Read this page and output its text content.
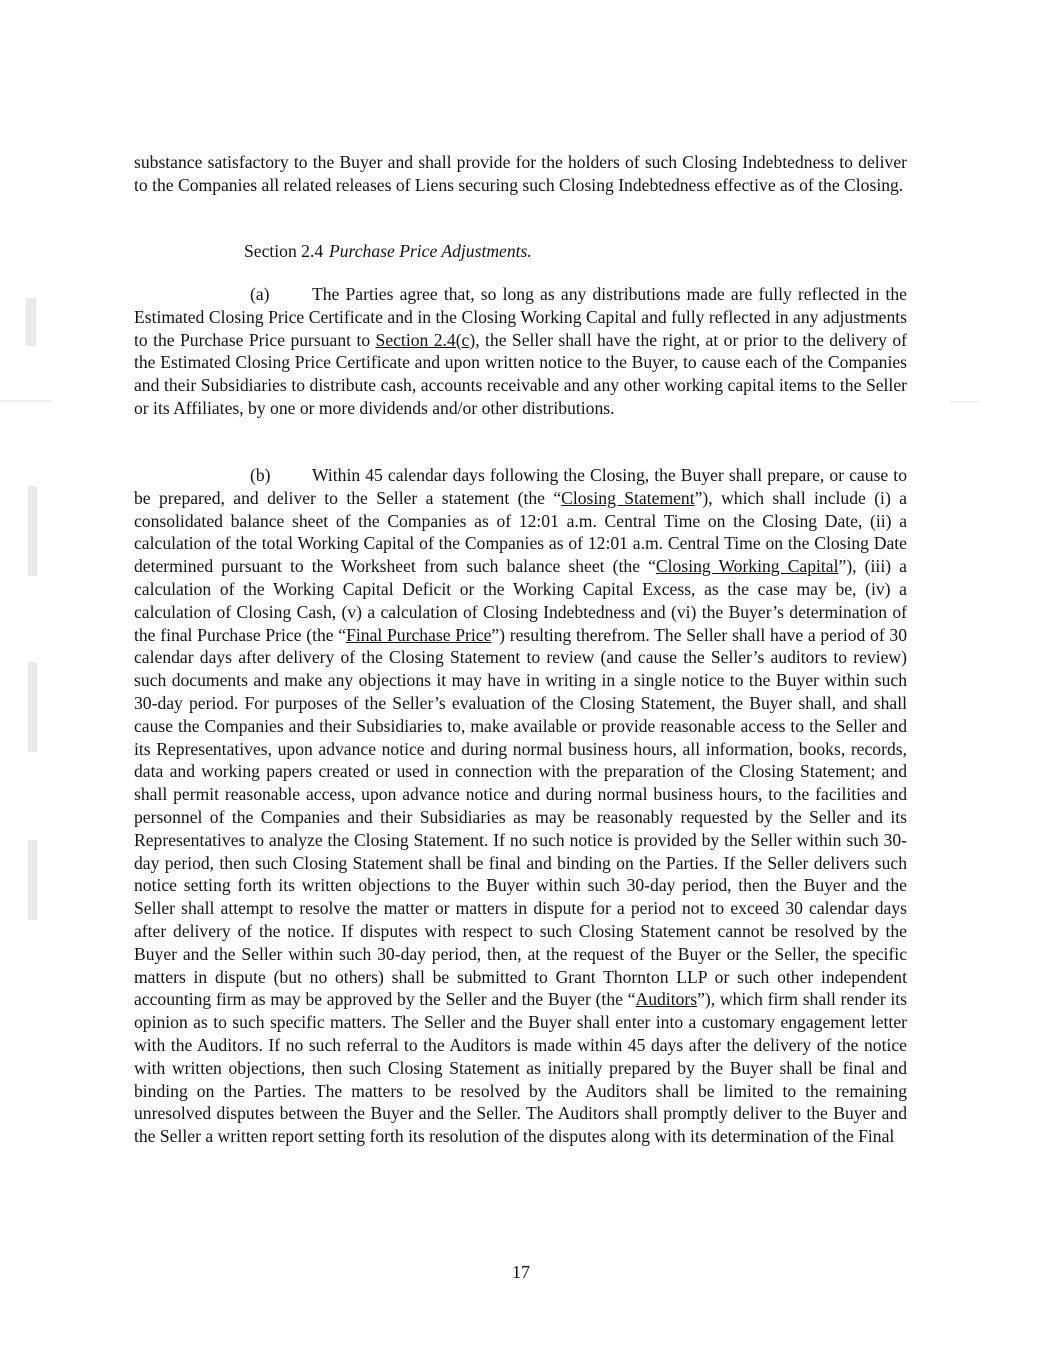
substance satisfactory to the Buyer and shall provide for the holders of such Closing Indebtedness to deliver to the Companies all related releases of Liens securing such Closing Indebtedness effective as of the Closing.
Section 2.4 Purchase Price Adjustments.
(a) The Parties agree that, so long as any distributions made are fully reflected in the Estimated Closing Price Certificate and in the Closing Working Capital and fully reflected in any adjustments to the Purchase Price pursuant to Section 2.4(c), the Seller shall have the right, at or prior to the delivery of the Estimated Closing Price Certificate and upon written notice to the Buyer, to cause each of the Companies and their Subsidiaries to distribute cash, accounts receivable and any other working capital items to the Seller or its Affiliates, by one or more dividends and/or other distributions.
(b) Within 45 calendar days following the Closing, the Buyer shall prepare, or cause to be prepared, and deliver to the Seller a statement (the “Closing Statement”), which shall include (i) a consolidated balance sheet of the Companies as of 12:01 a.m. Central Time on the Closing Date, (ii) a calculation of the total Working Capital of the Companies as of 12:01 a.m. Central Time on the Closing Date determined pursuant to the Worksheet from such balance sheet (the “Closing Working Capital”), (iii) a calculation of the Working Capital Deficit or the Working Capital Excess, as the case may be, (iv) a calculation of Closing Cash, (v) a calculation of Closing Indebtedness and (vi) the Buyer’s determination of the final Purchase Price (the “Final Purchase Price”) resulting therefrom. The Seller shall have a period of 30 calendar days after delivery of the Closing Statement to review (and cause the Seller’s auditors to review) such documents and make any objections it may have in writing in a single notice to the Buyer within such 30-day period. For purposes of the Seller’s evaluation of the Closing Statement, the Buyer shall, and shall cause the Companies and their Subsidiaries to, make available or provide reasonable access to the Seller and its Representatives, upon advance notice and during normal business hours, all information, books, records, data and working papers created or used in connection with the preparation of the Closing Statement; and shall permit reasonable access, upon advance notice and during normal business hours, to the facilities and personnel of the Companies and their Subsidiaries as may be reasonably requested by the Seller and its Representatives to analyze the Closing Statement. If no such notice is provided by the Seller within such 30-day period, then such Closing Statement shall be final and binding on the Parties. If the Seller delivers such notice setting forth its written objections to the Buyer within such 30-day period, then the Buyer and the Seller shall attempt to resolve the matter or matters in dispute for a period not to exceed 30 calendar days after delivery of the notice. If disputes with respect to such Closing Statement cannot be resolved by the Buyer and the Seller within such 30-day period, then, at the request of the Buyer or the Seller, the specific matters in dispute (but no others) shall be submitted to Grant Thornton LLP or such other independent accounting firm as may be approved by the Seller and the Buyer (the “Auditors”), which firm shall render its opinion as to such specific matters. The Seller and the Buyer shall enter into a customary engagement letter with the Auditors. If no such referral to the Auditors is made within 45 days after the delivery of the notice with written objections, then such Closing Statement as initially prepared by the Buyer shall be final and binding on the Parties. The matters to be resolved by the Auditors shall be limited to the remaining unresolved disputes between the Buyer and the Seller. The Auditors shall promptly deliver to the Buyer and the Seller a written report setting forth its resolution of the disputes along with its determination of the Final
17
